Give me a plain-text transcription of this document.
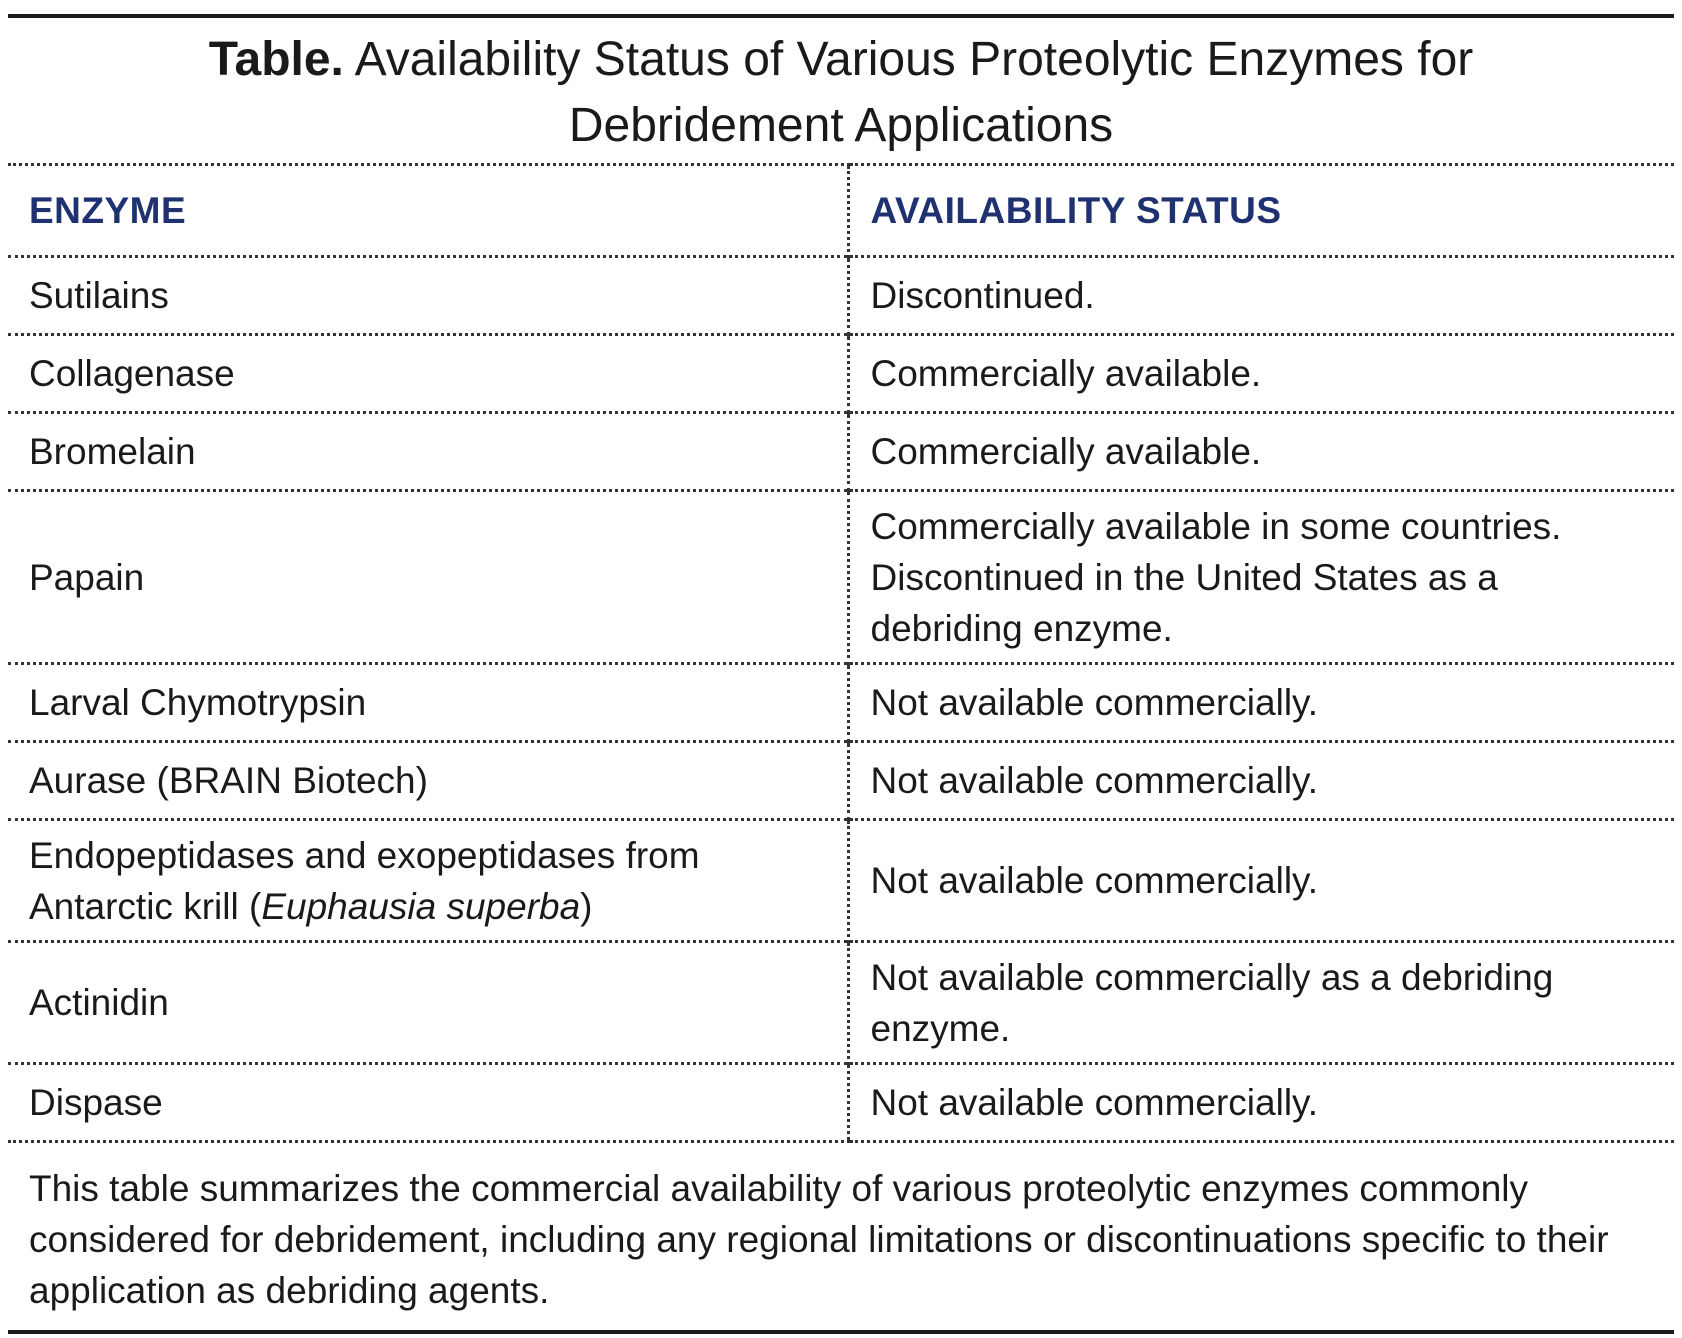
Table. Availability Status of Various Proteolytic Enzymes for
Debridement Applications
ENZYME	AVAILABILITY STATUS
Sutilains	Discontinued.
Collagenase	Commercially available.
Bromelain	Commercially available.
Papain	Commercially available in some countries.
Discontinued in the United States as a
debriding enzyme.

Larval Chymotrypsin	Not available commercially.
Aurase (BRAIN Biotech)	Not available commercially.

Endopeptidases and exopeptidases from
Antarctic krill (Euphausia superba)	Not available commercially.
Actinidin	Not available commercially as a debriding
enzyme.

Dispase	Not available commercially.
This table summarizes the commercial availability of various proteolytic enzymes commonly
considered for debridement, including any regional limitations or discontinuations specific to their
application as debriding agents.
